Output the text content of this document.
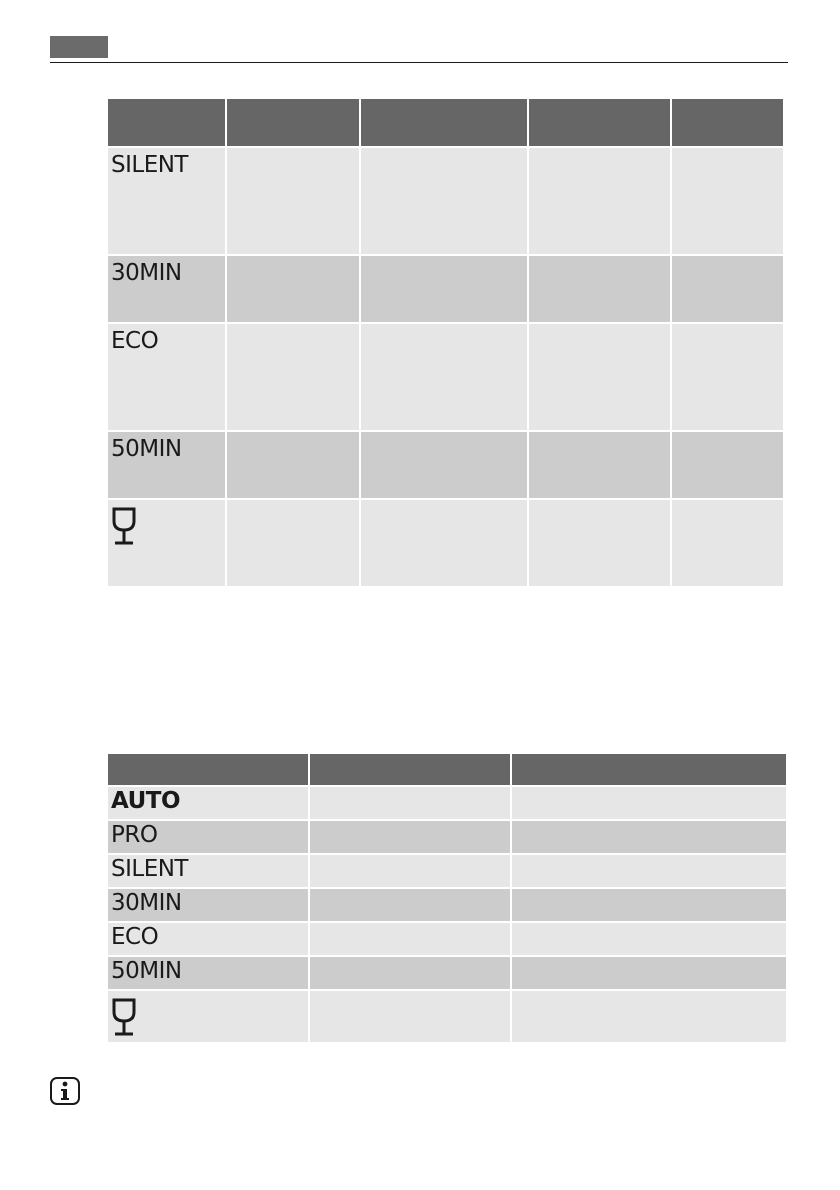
SILENT				
30MIN				
ECO				
50MIN				

AUTO		
PRO		
SILENT		
30MIN		
ECO		
50MIN		
